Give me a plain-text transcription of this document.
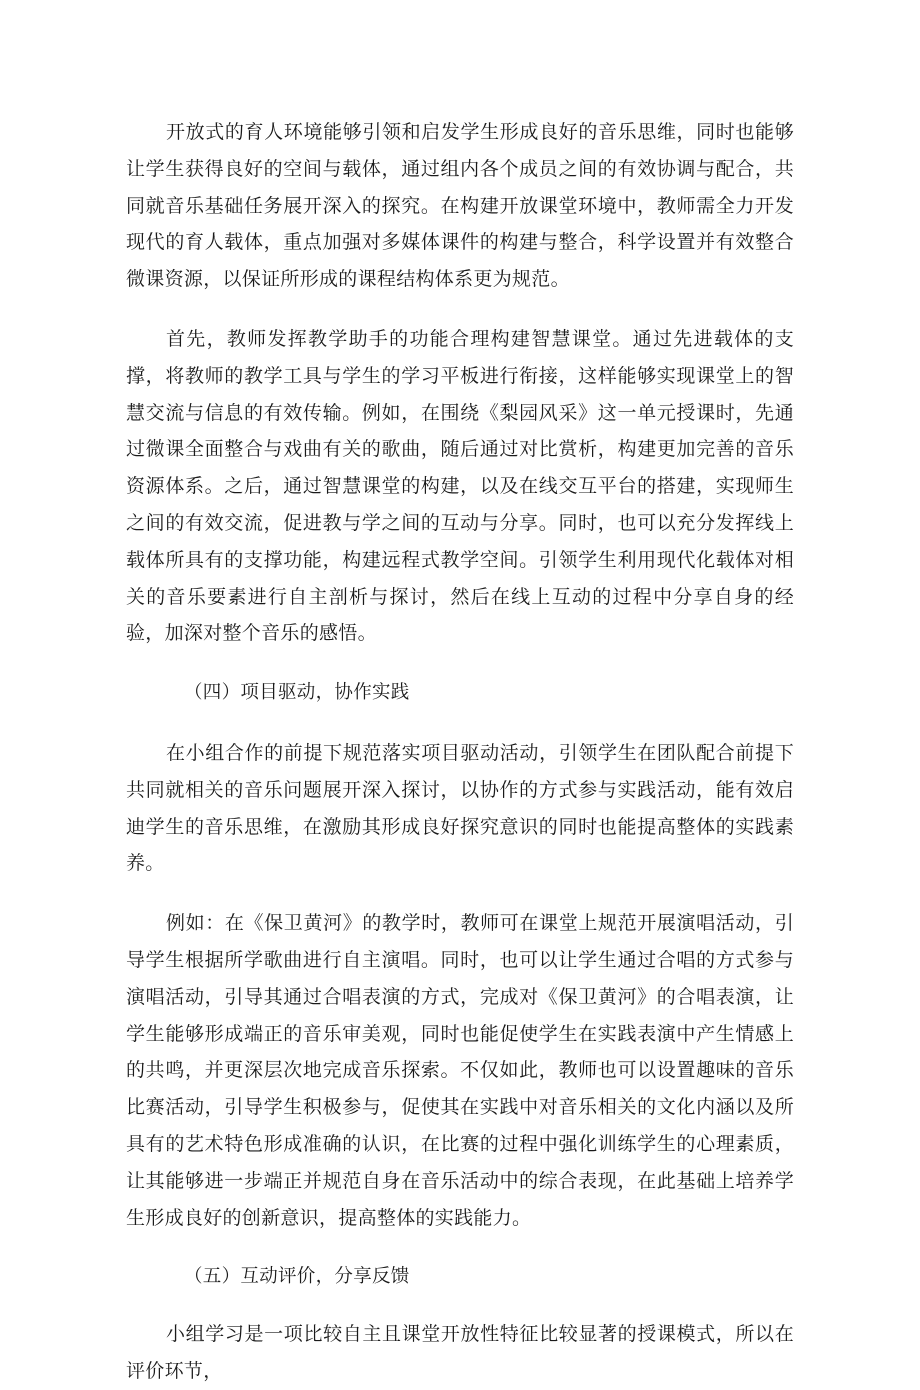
开放式的育人环境能够引领和启发学生形成良好的音乐思维，同时也能够让学生获得良好的空间与载体，通过组内各个成员之间的有效协调与配合，共同就音乐基础任务展开深入的探究。在构建开放课堂环境中，教师需全力开发现代的育人载体，重点加强对多媒体课件的构建与整合，科学设置并有效整合微课资源，以保证所形成的课程结构体系更为规范。

首先，教师发挥教学助手的功能合理构建智慧课堂。通过先进载体的支撑，将教师的教学工具与学生的学习平板进行衔接，这样能够实现课堂上的智慧交流与信息的有效传输。例如，在围绕《梨园风采》这一单元授课时，先通过微课全面整合与戏曲有关的歌曲，随后通过对比赏析，构建更加完善的音乐资源体系。之后，通过智慧课堂的构建，以及在线交互平台的搭建，实现师生之间的有效交流，促进教与学之间的互动与分享。同时，也可以充分发挥线上载体所具有的支撑功能，构建远程式教学空间。引领学生利用现代化载体对相关的音乐要素进行自主剖析与探讨，然后在线上互动的过程中分享自身的经验，加深对整个音乐的感悟。

（四）项目驱动，协作实践

在小组合作的前提下规范落实项目驱动活动，引领学生在团队配合前提下共同就相关的音乐问题展开深入探讨，以协作的方式参与实践活动，能有效启迪学生的音乐思维，在激励其形成良好探究意识的同时也能提高整体的实践素养。

例如：在《保卫黄河》的教学时，教师可在课堂上规范开展演唱活动，引导学生根据所学歌曲进行自主演唱。同时，也可以让学生通过合唱的方式参与演唱活动，引导其通过合唱表演的方式，完成对《保卫黄河》的合唱表演，让学生能够形成端正的音乐审美观，同时也能促使学生在实践表演中产生情感上的共鸣，并更深层次地完成音乐探索。不仅如此，教师也可以设置趣味的音乐比赛活动，引导学生积极参与，促使其在实践中对音乐相关的文化内涵以及所具有的艺术特色形成准确的认识，在比赛的过程中强化训练学生的心理素质，让其能够进一步端正并规范自身在音乐活动中的综合表现，在此基础上培养学生形成良好的创新意识，提高整体的实践能力。

（五）互动评价，分享反馈

小组学习是一项比较自主且课堂开放性特征比较显著的授课模式，所以在评价环节，
